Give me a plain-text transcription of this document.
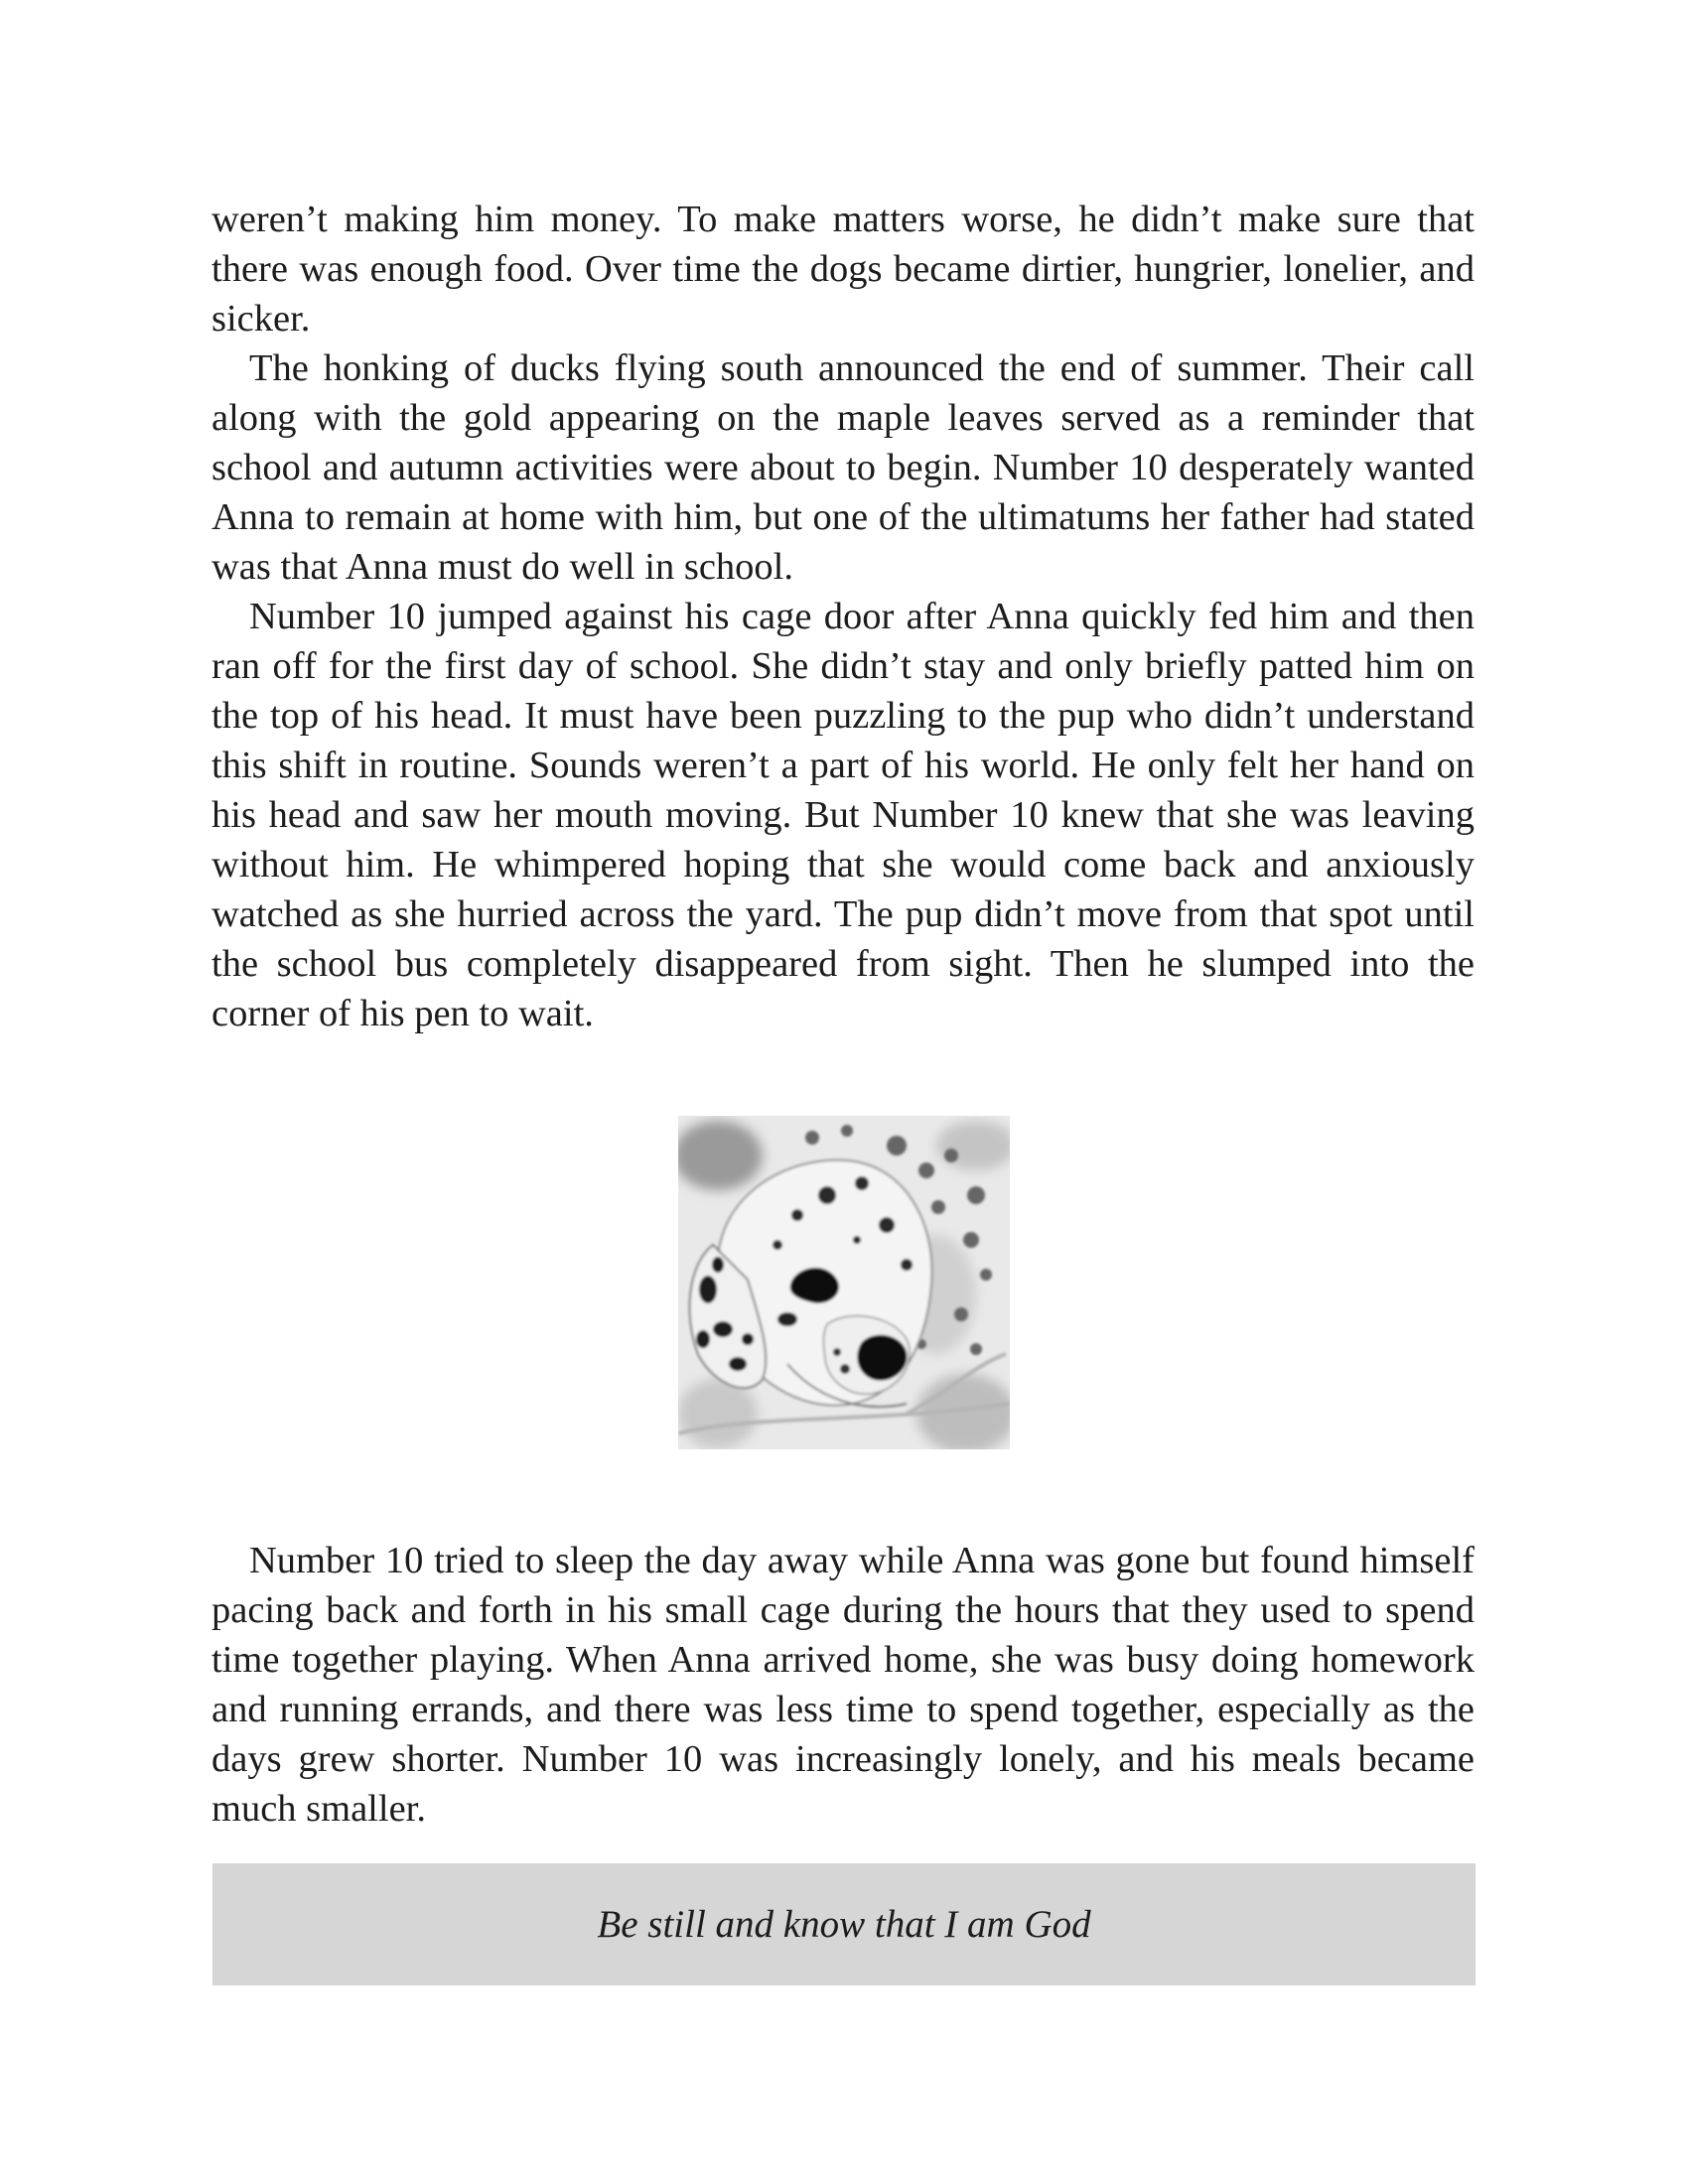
weren’t making him money. To make matters worse, he didn’t make sure that there was enough food. Over time the dogs became dirtier, hungrier, lonelier, and sicker.

The honking of ducks flying south announced the end of summer. Their call along with the gold appearing on the maple leaves served as a reminder that school and autumn activities were about to begin. Number 10 desperately wanted Anna to remain at home with him, but one of the ultimatums her father had stated was that Anna must do well in school.

Number 10 jumped against his cage door after Anna quickly fed him and then ran off for the first day of school. She didn’t stay and only briefly patted him on the top of his head. It must have been puzzling to the pup who didn’t understand this shift in routine. Sounds weren’t a part of his world. He only felt her hand on his head and saw her mouth moving. But Number 10 knew that she was leaving without him. He whimpered hoping that she would come back and anxiously watched as she hurried across the yard. The pup didn’t move from that spot until the school bus completely disappeared from sight. Then he slumped into the corner of his pen to wait.

Number 10 tried to sleep the day away while Anna was gone but found himself pacing back and forth in his small cage during the hours that they used to spend time together playing. When Anna arrived home, she was busy doing homework and running errands, and there was less time to spend together, especially as the days grew shorter. Number 10 was increasingly lonely, and his meals became much smaller.

Be still and know that I am God
